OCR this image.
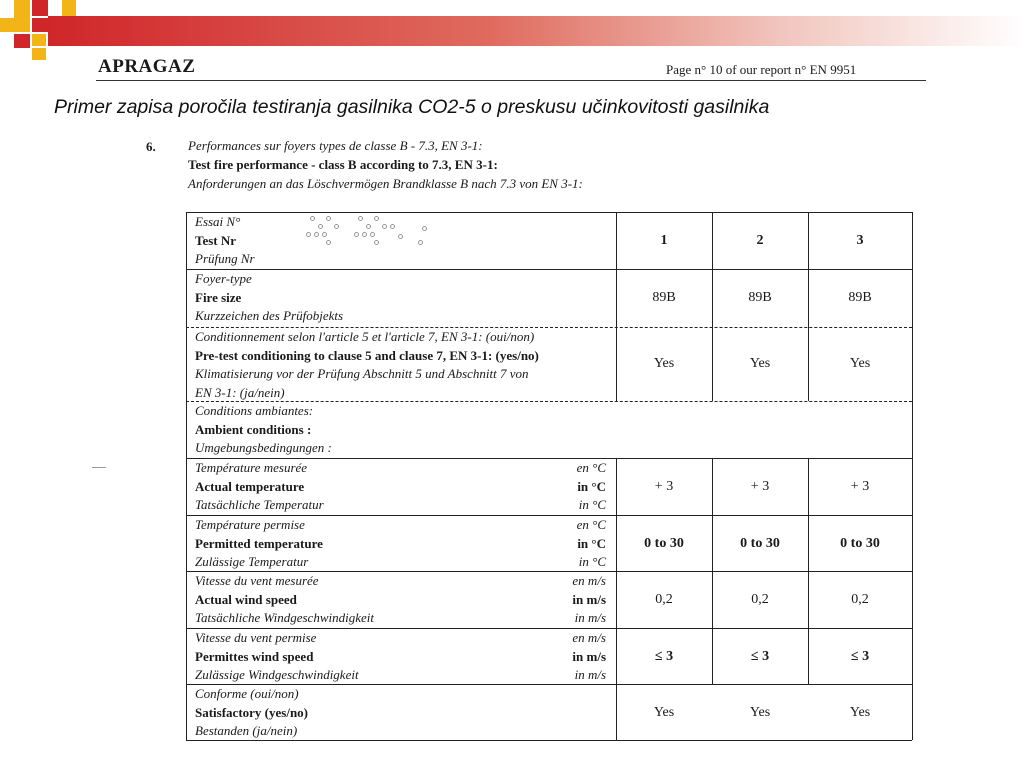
APRAGAZ	Page n° 10 of our report n° EN 9951
Primer zapisa poročila testiranja gasilnika CO2-5 o preskusu učinkovitosti gasilnika
6. Performances sur foyers types de classe B - 7.3, EN 3-1:
Test fire performance - class B according to 7.3, EN 3-1:
Anforderungen an das Löschvermögen Brandklasse B nach 7.3 von EN 3-1:
Essai N°
Test Nr
Prüfung Nr
1	2	3
Foyer-type
Fire size
Kurzzeichen des Prüfobjekts
89B	89B	89B
Conditionnement selon l'article 5 et l'article 7, EN 3-1: (oui/non)
Pre-test conditioning to clause 5 and clause 7, EN 3-1: (yes/no)
Klimatisierung vor der Prüfung Abschnitt 5 und Abschnitt 7 von
EN 3-1: (ja/nein)
Yes	Yes	Yes
Conditions ambiantes:
Ambient conditions :
Umgebungsbedingungen :
Température mesurée
Actual temperature
Tatsächliche Temperatur
en °C
in °C
in °C
+ 3	+ 3	+ 3
Température permise
Permitted temperature
Zulässige Temperatur
en °C
in °C
in °C
0 to 30	0 to 30	0 to 30
Vitesse du vent mesurée
Actual wind speed
Tatsächliche Windgeschwindigkeit
en m/s
in m/s
in m/s
0,2	0,2	0,2
Vitesse du vent permise
Permittes wind speed
Zulässige Windgeschwindigkeit
en m/s
in m/s
in m/s
≤ 3	≤ 3	≤ 3
Conforme (oui/non)
Satisfactory (yes/no)
Bestanden (ja/nein)
Yes	Yes	Yes
